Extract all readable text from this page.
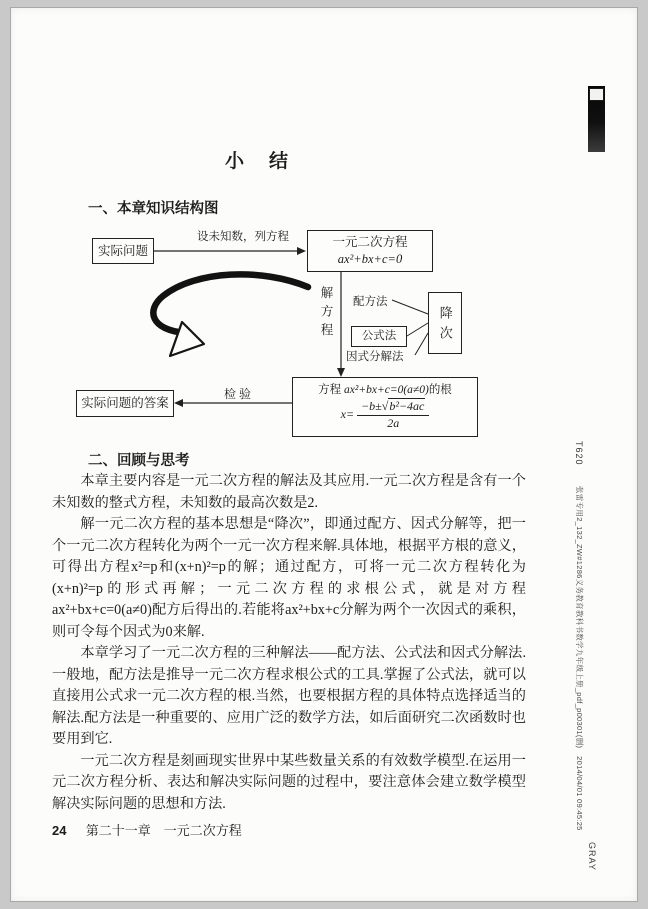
小　结
一、本章知识结构图
二、回顾与思考
实际问题
设未知数，列方程	一元二次方程
ax²+bx+c=0
解方程 配方法
公式法
因式分解法
降次
方程 ax²+bx+c=0(a≠0)的根
$x= \frac{\text{−b±√b²−4ac}}{2a}$
检验
实际问题的答案

本章主要内容是一元二次方程的解法及其应用.一元二次方程是含有一个未知数的整式方程，未知数的最高次数是2.

解一元二次方程的基本思想是“降次”，即通过配方、因式分解等，把一个一元二次方程转化为两个一元一次方程来解.具体地，根据平方根的意义，可得出方程x²=p和(x+n)²=p的解；通过配方，可将一元二次方程转化为(x+n)²=p的形式再解；一元二次方程的求根公式，就是对方程ax²+bx+c=0(a≠0)配方后得出的.若能将ax²+bx+c分解为两个一次因式的乘积，则可令每个因式为0来解.

本章学习了一元二次方程的三种解法——配方法、公式法和因式分解法.一般地，配方法是推导一元二次方程求根公式的工具.掌握了公式法，就可以直接用公式求一元二次方程的根.当然，也要根据方程的具体特点选择适当的解法.配方法是一种重要的、应用广泛的数学方法，如后面研究二次函数时也要用到它.

一元二次方程是刻画现实世界中某些数量关系的有效数学模型.在运用一元二次方程分析、表达和解决实际问题的过程中，要注意体会建立数学模型解决实际问题的思想和方法.

24 第二十一章　一元二次方程
T620
张雷专用2_132_ZW#1286义务教育教科书数学九年级上册_pdf_p00301(删)　2014/04/01 09:45:25
GRAY
